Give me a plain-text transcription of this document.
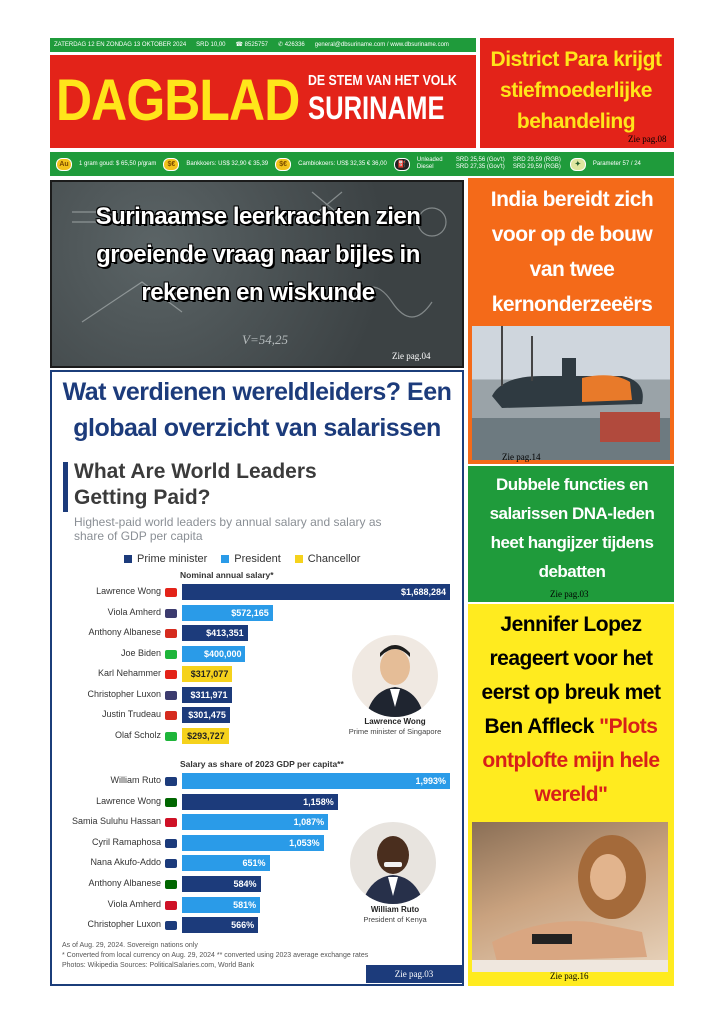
ZATERDAG 12 EN ZONDAG 13 OKTOBER 2024 SRD 10,00 ☎ 8525757 ✆ 426336 general@dbsuriname.com / www.dbsuriname.com
DAGBLAD DE STEM VAN HET VOLK
SURINAME
District Para krijgt stiefmoederlijke behandeling
Zie pag.08
Au	1 gram goud: $ 65,50 p/gram	$€	Bankkoers: US$ 32,90 € 35,39	$€	Cambiokoers: US$ 32,35 € 36,00	⛽
Unleaded Diesel
SRD 25,56 (Gov't) SRD 27,35 (Gov't)
SRD 29,59 (RGB) SRD 29,59 (RGB)	✦	Parameter 57 / 24
V=54,25
Surinaamse leerkrachten zien groeiende vraag naar bijles in rekenen en wiskunde
Zie pag.04
India bereidt zich voor op de bouw van twee kernonderzeeërs
Zie pag.14
Dubbele functies en salarissen DNA-leden heet hangijzer tijdens debatten
Zie pag.03
Jennifer Lopez reageert voor het eerst op breuk met Ben Affleck "Plots ontplofte mijn hele wereld"
Zie pag.16
Wat verdienen wereldleiders? Een globaal overzicht van salarissen
What Are World Leaders Getting Paid?
Highest-paid world leaders by annual salary and salary as share of GDP per capita
Prime minister	President	Chancellor
Nominal annual salary*
Salary as share of 2023 GDP per capita**
Lawrence Wong	$1,688,284
Viola Amherd	$572,165
Anthony Albanese	$413,351
Joe Biden	$400,000
Karl Nehammer	$317,077
Christopher Luxon	$311,971
Justin Trudeau	$301,475
Olaf Scholz	$293,727
William Ruto	1,993%
Lawrence Wong	1,158%
Samia Suluhu Hassan	1,087%
Cyril Ramaphosa	1,053%
Nana Akufo-Addo	651%
Anthony Albanese	584%
Viola Amherd	581%
Christopher Luxon	566%
Lawrence Wong
Prime minister of Singapore
William Ruto
President of Kenya
As of Aug. 29, 2024. Sovereign nations only
* Converted from local currency on Aug. 29, 2024 ** converted using 2023 average exchange rates
Photos: Wikipedia Sources: PoliticalSalaries.com, World Bank
Zie pag.03
